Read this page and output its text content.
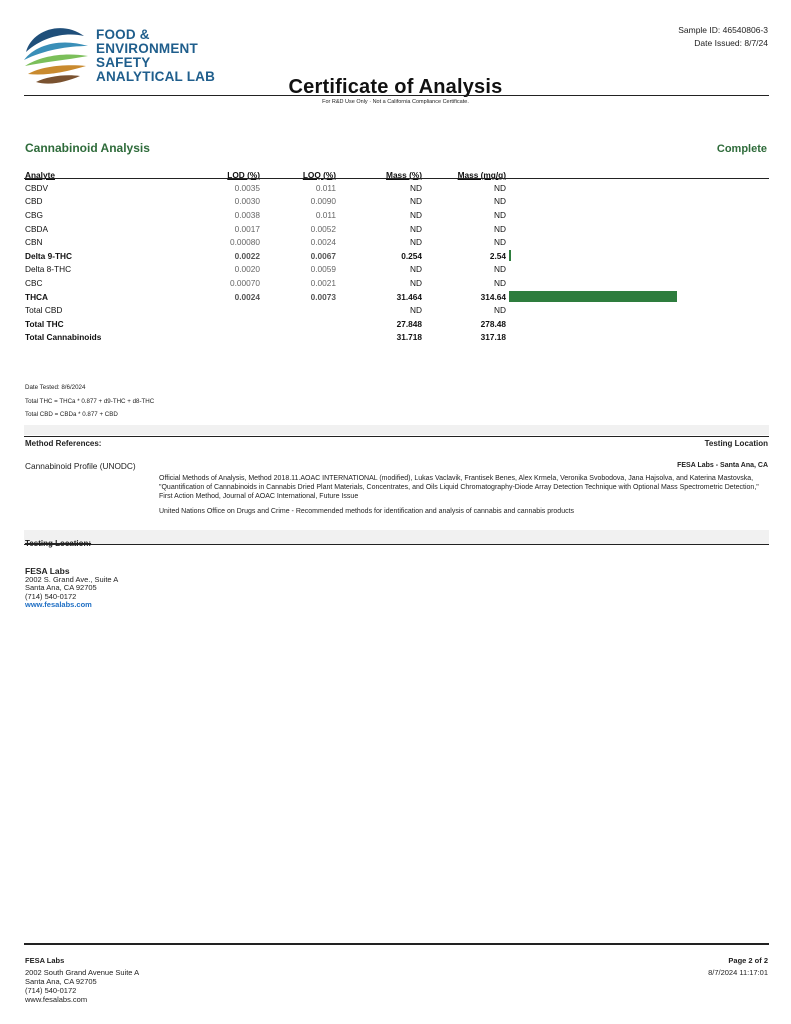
FOOD &
ENVIRONMENT
SAFETY
ANALYTICAL LAB
Sample ID: 46540806-3
Date Issued: 8/7/24
Certificate of Analysis
For R&D Use Only · Not a California Compliance Certificate.
Cannabinoid Analysis	Complete
Analyte	LOD (%)	LOQ (%)	Mass (%)	Mass (mg/g)	
CBDV	0.0035	0.011	ND	ND	
CBD	0.0030	0.0090	ND	ND	
CBG	0.0038	0.011	ND	ND	
CBDA	0.0017	0.0052	ND	ND	
CBN	0.00080	0.0024	ND	ND	
Delta 9-THC	0.0022	0.0067	0.254	2.54	
Delta 8-THC	0.0020	0.0059	ND	ND	
CBC	0.00070	0.0021	ND	ND	
THCA	0.0024	0.0073	31.464	314.64	
Total CBD			ND	ND	
Total THC			27.848	278.48	
Total Cannabinoids			31.718	317.18	
Date Tested: 8/6/2024
Total THC = THCa * 0.877 + d9-THC + d8-THC
Total CBD = CBDa * 0.877 + CBD
Method References:	Testing Location
Cannabinoid Profile (UNODC)	FESA Labs - Santa Ana, CA
Official Methods of Analysis, Method 2018.11.AOAC INTERNATIONAL (modified), Lukas Vaclavik, Frantisek Benes, Alex Krmela, Veronika Svobodova, Jana Hajsolva, and Katerina Mastovska, "Quantification of Cannabinoids in Cannabis Dried Plant Materials, Concentrates, and Oils Liquid Chromatography-Diode Array Detection Technique with Optional Mass Spectrometric Detection," First Action Method, Journal of AOAC International, Future Issue
United Nations Office on Drugs and Crime - Recommended methods for identification and analysis of cannabis and cannabis products
Testing Location:
FESA Labs
2002 S. Grand Ave., Suite A
Santa Ana, CA 92705
(714) 540-0172
www.fesalabs.com
FESA Labs
2002 South Grand Avenue Suite A
Santa Ana, CA 92705
(714) 540-0172
www.fesalabs.com
Page 2 of 2
8/7/2024 11:17:01
